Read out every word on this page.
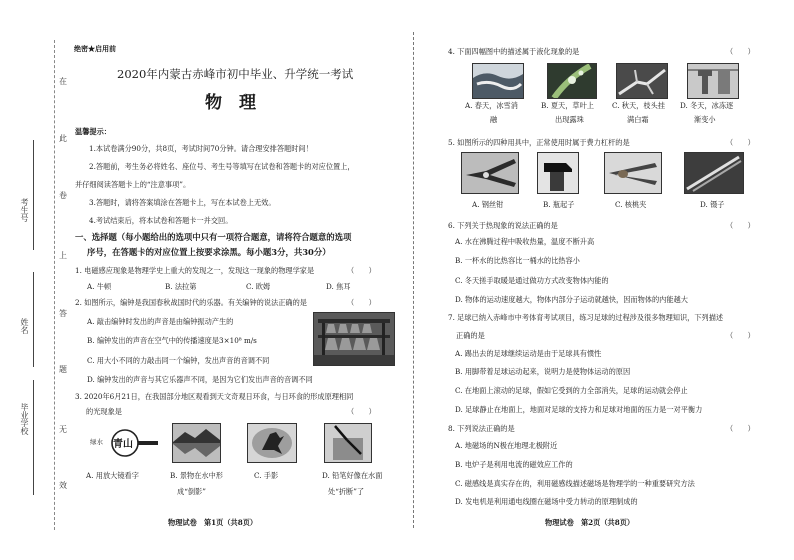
在
此
卷
上
答
题
无
效
考生号
姓名
毕业学校
绝密★启用前
2020年内蒙古赤峰市初中毕业、升学统一考试
物　理
温馨提示：
1.本试卷满分90分，共8页，考试时间70分钟。请合理安排答题时间！
2.答题前，考生务必将姓名、座位号、考生号等填写在试卷和答题卡的对应位置上，
并仔细阅读答题卡上的“注意事项”。
3.答题时，请将答案填涂在答题卡上，写在本试卷上无效。
4.考试结束后，将本试卷和答题卡一并交回。
一、选择题（每小题给出的选项中只有一项符合题意，请将符合题意的选项
序号，在答题卡的对应位置上按要求涂黑。每小题3分，共30分）
1. 电磁感应现象是物理学史上重大的发现之一，发现这一现象的物理学家是	（　　）
A. 牛顿	B. 法拉第	C. 欧姆	D. 焦耳
2. 如图所示，编钟是我国春秋战国时代的乐器。有关编钟的说法正确的是	（　　）
A. 敲击编钟时发出的声音是由编钟振动产生的
B. 编钟发出的声音在空气中的传播速度是3×10⁸ m/s
C. 用大小不同的力敲击同一个编钟，发出声音的音调不同
D. 编钟发出的声音与其它乐器声不同，是因为它们发出声音的音调不同
3. 2020年6月21日，在我国部分地区观看到天文奇观日环食，与日环食的形成原理相同
的光现象是	（　　）
绿水 青山
A. 用放大镜看字	B. 景物在水中形
成“倒影”
C. 手影	D. 铅笔好像在水面
处“折断”了
物理试卷　第1页（共8页）
4. 下面四幅图中的描述属于液化现象的是	（　　）
A. 春天，冰雪消
融
B. 夏天，草叶上
出现露珠
C. 秋天，枝头挂
满白霜
D. 冬天，冰冻逐
渐变小
5. 如图所示的四种用具中，正常使用时属于费力杠杆的是	（　　）
A. 钢丝钳	B. 瓶起子	C. 核桃夹	D. 镊子
6. 下列关于热现象的说法正确的是	（　　）
A. 水在沸腾过程中吸收热量，温度不断升高
B. 一杯水的比热容比一桶水的比热容小
C. 冬天搓手取暖是通过做功方式改变物体内能的
D. 物体的运动速度越大，物体内部分子运动就越快，因而物体的内能越大
7. 足球已纳入赤峰市中考体育考试项目，练习足球的过程涉及很多物理知识，下列描述
正确的是	（　　）
A. 踢出去的足球继续运动是由于足球具有惯性
B. 用脚带着足球运动起来，说明力是使物体运动的原因
C. 在地面上滚动的足球，假如它受到的力全部消失，足球的运动就会停止
D. 足球静止在地面上，地面对足球的支持力和足球对地面的压力是一对平衡力
8. 下列说法正确的是	（　　）
A. 地磁场的N极在地理北极附近
B. 电炉子是利用电流的磁效应工作的
C. 磁感线是真实存在的，利用磁感线描述磁场是物理学的一种重要研究方法
D. 发电机是利用通电线圈在磁场中受力转动的原理制成的
物理试卷　第2页（共8页）
